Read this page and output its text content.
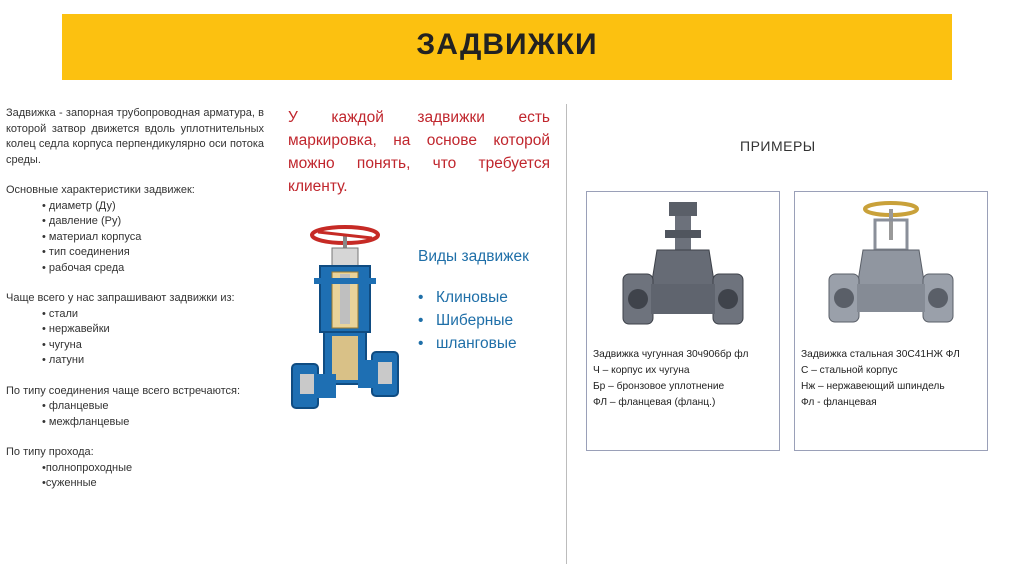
ЗАДВИЖКИ

Задвижка - запорная трубопроводная арматура, в которой затвор движется вдоль уплотнительных колец седла корпуса перпендикулярно оси потока среды.

Основные характеристики задвижек:

• диаметр (Ду)
• давление (Ру)
• материал корпуса
• тип соединения
• рабочая среда

Чаще всего у нас запрашивают задвижки из:

• стали
• нержавейки
• чугуна
• латуни

По типу соединения чаще всего встречаются:

• фланцевые
• межфланцевые

По типу прохода:

• полнопроходные
• суженные
У каждой задвижки есть маркировка, на основе которой можно понять, что требуется клиенту.

Виды задвижек

• Клиновые
• Шиберные
• шланговые
ПРИМЕРЫ
Задвижка чугунная 30ч906бр фл
Ч – корпус их чугуна
Бр – бронзовое уплотнение
ФЛ – фланцевая (фланц.)
Задвижка стальная 30С41НЖ ФЛ
С – стальной корпус
Нж – нержавеющий шпиндель
Фл - фланцевая
